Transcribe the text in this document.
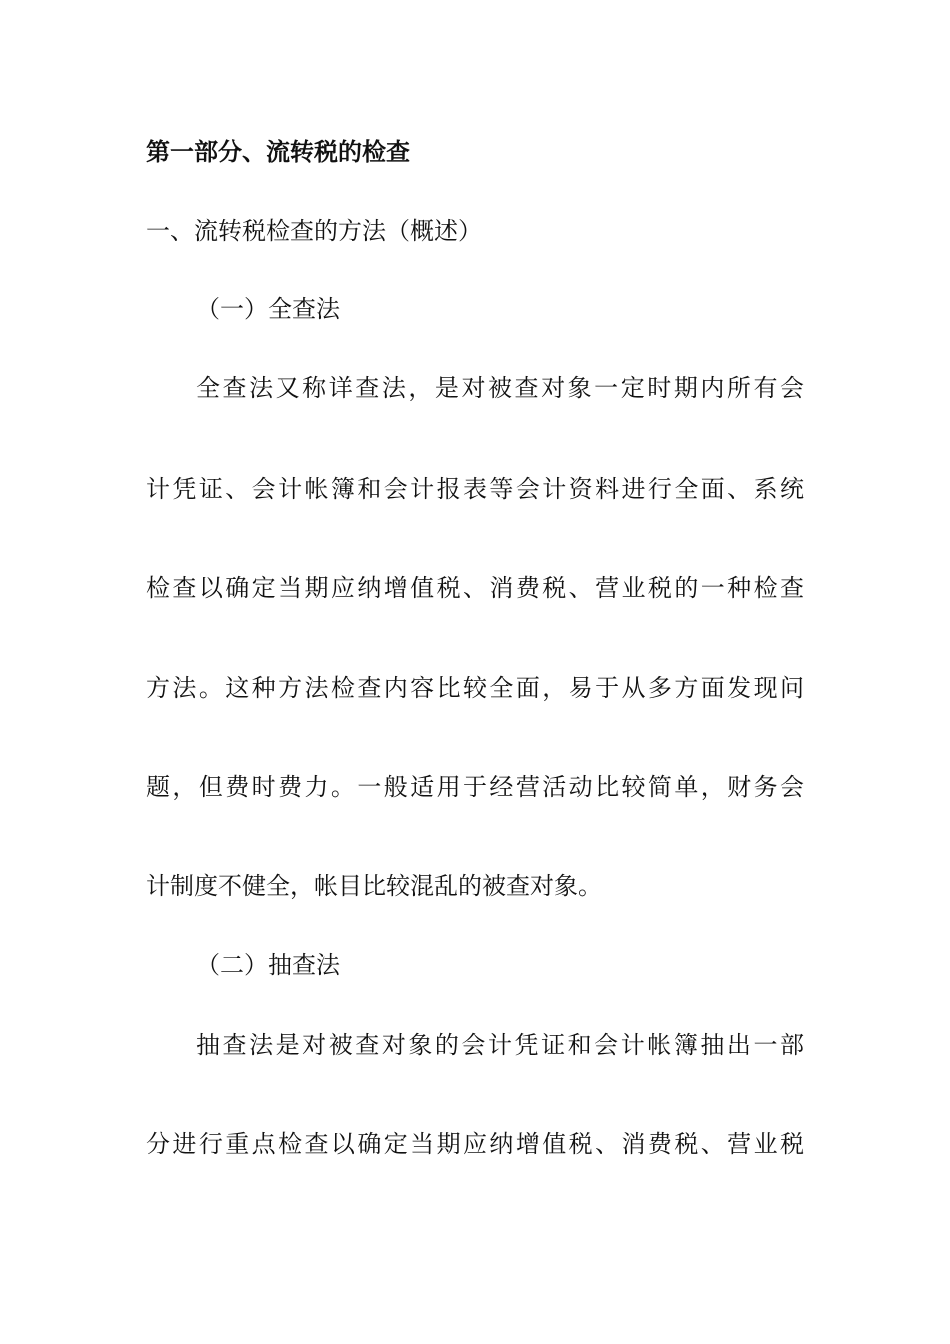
第一部分、流转税的检查
一、流转税检查的方法（概述）
（一）全查法
全查法又称详查法，是对被查对象一定时期内所有会
计凭证、会计帐簿和会计报表等会计资料进行全面、系统
检查以确定当期应纳增值税、消费税、营业税的一种检查
方法。这种方法检查内容比较全面，易于从多方面发现问
题，但费时费力。一般适用于经营活动比较简单，财务会
计制度不健全，帐目比较混乱的被查对象。
（二）抽查法
抽查法是对被查对象的会计凭证和会计帐簿抽出一部
分进行重点检查以确定当期应纳增值税、消费税、营业税
